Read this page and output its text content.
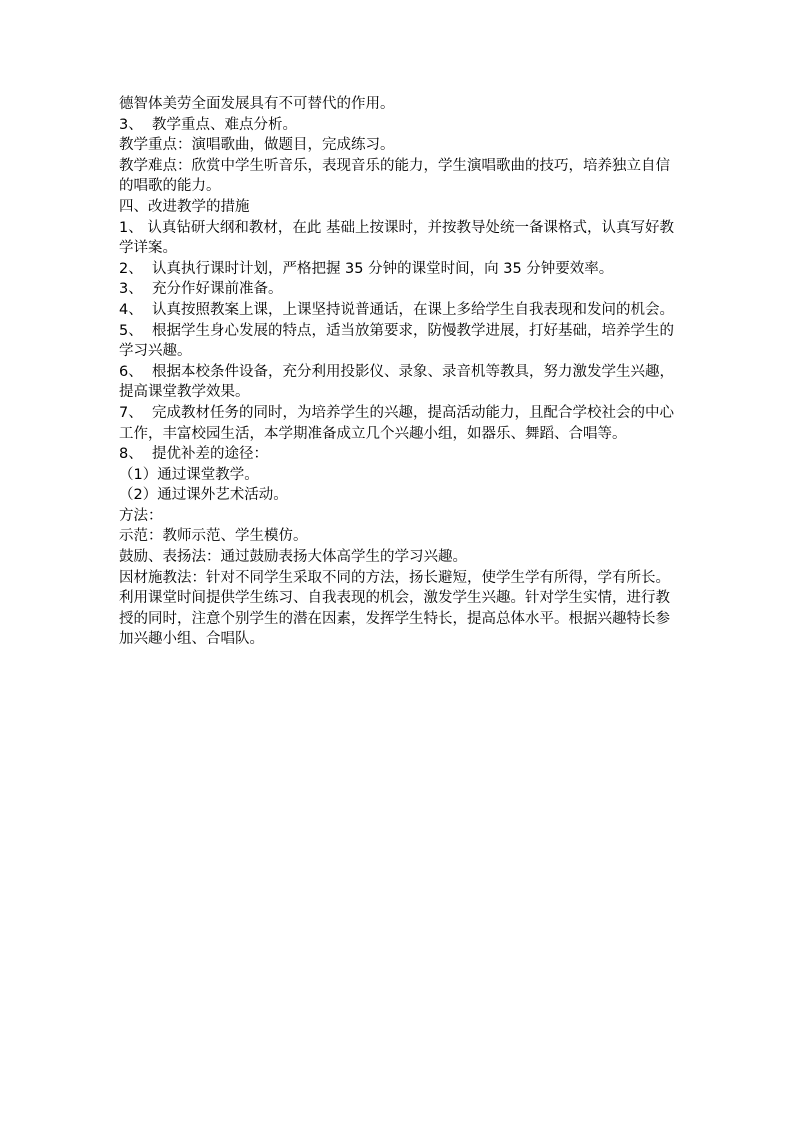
德智体美劳全面发展具有不可替代的作用。

3、  教学重点、难点分析。

教学重点：演唱歌曲，做题目，完成练习。

教学难点：欣赏中学生听音乐，表现音乐的能力，学生演唱歌曲的技巧，培养独立自信的唱歌的能力。

四、改进教学的措施

1、 认真钻研大纲和教材，在此 基础上按课时，并按教导处统一备课格式，认真写好教学详案。

2、  认真执行课时计划，严格把握 35 分钟的课堂时间，向 35 分钟要效率。

3、  充分作好课前准备。

4、  认真按照教案上课，上课坚持说普通话，在课上多给学生自我表现和发问的机会。

5、  根据学生身心发展的特点，适当放第要求，防慢教学进展，打好基础，培养学生的学习兴趣。

6、  根据本校条件设备，充分利用投影仪、录象、录音机等教具，努力激发学生兴趣，提高课堂教学效果。

7、  完成教材任务的同时，为培养学生的兴趣，提高活动能力，且配合学校社会的中心工作，丰富校园生活，本学期准备成立几个兴趣小组，如器乐、舞蹈、合唱等。

8、  提优补差的途径：

（1）通过课堂教学。

（2）通过课外艺术活动。

方法：

示范：教师示范、学生模仿。

鼓励、表扬法：通过鼓励表扬大体高学生的学习兴趣。

因材施教法：针对不同学生采取不同的方法，扬长避短，使学生学有所得，学有所长。

利用课堂时间提供学生练习、自我表现的机会，激发学生兴趣。针对学生实情，进行教授的同时，注意个别学生的潜在因素，发挥学生特长，提高总体水平。根据兴趣特长参加兴趣小组、合唱队。
